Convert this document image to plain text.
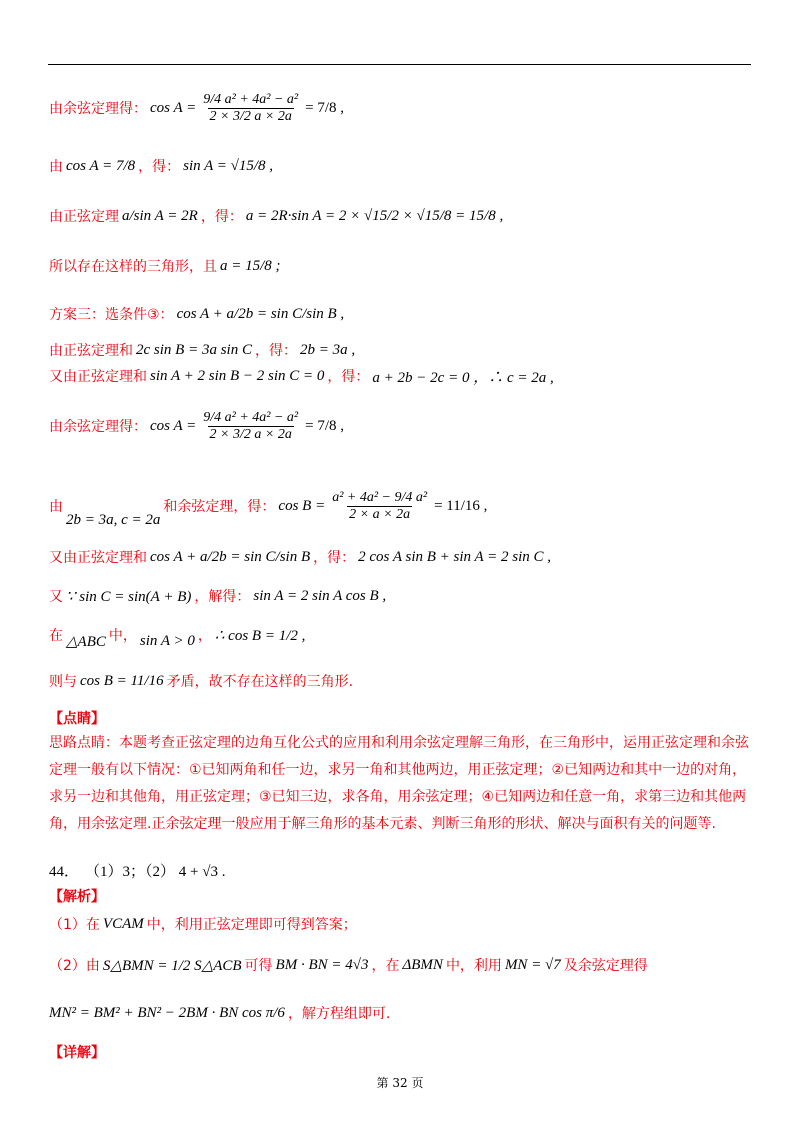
由余弦定理得： $\cos A = \frac{\text{9/4 a² + 4a² − a²}}{2 \times 3/2 a \times 2a} = 7/8$ ,
由 cos A = 7/8 ，得： sin A = √15/8 ,
由正弦定理 a/sin A = 2R ，得： a = 2R·sin A = 2 × √15/2 × √15/8 = 15/8 ,
所以存在这样的三角形，且 a = 15/8 ;
方案三：选条件③： cos A + a/2b = sin C/sin B ,
由正弦定理和 2c sin B = 3a sin C ，得： 2b = 3a ,
又由正弦定理和 sin A + 2 sin B − 2 sin C = 0 ，得： a + 2b − 2c = 0 ，∴ c = 2a ,
由余弦定理得： $\cos A = \frac{\text{9/4 a² + 4a² − a²}}{2 \times 3/2 a \times 2a} = 7/8$ ,
由
2b = 3a, c = 2a
和余弦定理，得： $\cos B = \frac{\text{a² + 4a² − 9/4 a²}}{2 \times a \times 2a} = 11/16$ ,
又由正弦定理和 cos A + a/2b = sin C/sin B ，得： 2 cos A sin B + sin A = 2 sin C ,
又 ∵ sin C = sin(A + B) ，解得： sin A = 2 sin A cos B ,
在 △ABC 中， sin A > 0 ， ∴ cos B = 1/2 ,
则与 cos B = 11/16 矛盾，故不存在这样的三角形.
【点睛】
思路点睛：本题考查正弦定理的边角互化公式的应用和利用余弦定理解三角形，在三角形中，运用正弦定理和余弦定理一般有以下情况：①已知两角和任一边，求另一角和其他两边，用正弦定理；②已知两边和其中一边的对角，求另一边和其他角，用正弦定理；③已知三边，求各角，用余弦定理；④已知两边和任意一角，求第三边和其他两角，用余弦定理.正余弦定理一般应用于解三角形的基本元素、判断三角形的形状、解决与面积有关的问题等.
44． （1）3；（2） 4 + √3 .
【解析】
（1）在 VCAM 中，利用正弦定理即可得到答案；
（2）由 S△BMN = 1/2 S△ACB 可得 BM · BN = 4√3 ，在 ΔBMN 中，利用 MN = √7 及余弦定理得
MN² = BM² + BN² − 2BM · BN cos π/6 ，解方程组即可.
【详解】
第 32 页
